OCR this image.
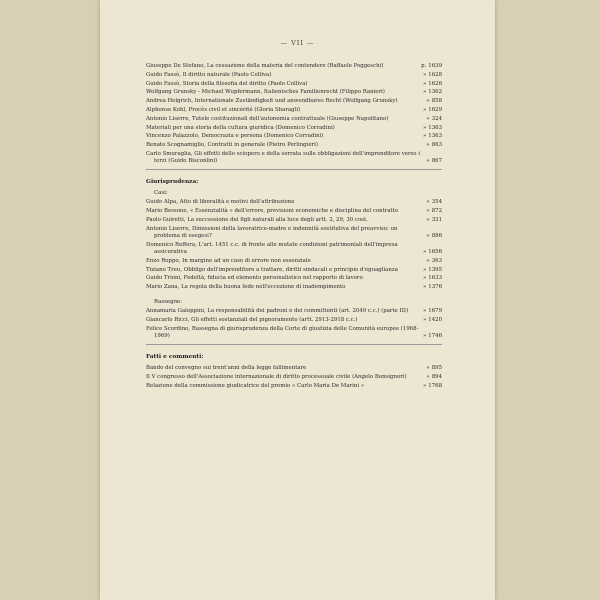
— VII —
Giuseppe De Stefano, La cessazione della materia del contendere (Raffaele Poggeschi)	p. 1639
Guido Fassò, Il diritto naturale (Paolo Colliva)	» 1628
Guido Fassò, Storia della filosofia del diritto (Paolo Colliva)	» 1626
Wolfgang Grunsky - Michael Wupfermann, Italienisches Familienrecht (Filippo Ranieri)	» 1362
Andrea Helgrich, Internationale Zuständigkeit und anwendbares Recht (Wolfgang Grunsky)	» 858
Alphonse Kohl, Procès civil et sincérité (Gloria Sbaragli)	» 1629
Antonio Liserre, Tutele costituzionali dell'autonomia contrattuale (Giuseppe Napolitano)	» 324
Materiali per una storia della cultura giuridica (Domenico Corradini)	» 1363
Vincenzo Palazzolo, Democrazia e persona (Domenico Corradini)	» 1363
Renato Scognamiglio, Contratti in generale (Pietro Perlingieri)	» 863
Carlo Smuraglia, Gli effetti dello sciopero e della serrata sulle obbligazioni dell'imprenditore verso i terzi (Guido Bisconlini)	» 867
Giurisprudenza:
Casi:
Guido Alpa, Atto di liberalità e motivi dell'attribuzione	» 354
Mario Bessone, « Essenzialità » dell'errore, previsioni economiche e disciplina del contratto	» 872
Paolo Guiretti, La successione dei figli naturali alla luce degli artt. 2, 29, 30 cost.	» 331
Antonio Liserre, Dimissioni della lavoratrice-madre e indennità sostitutiva del preavviso: un problema di esegesi?	» 886
Domenico Reffera, L'art. 1451 c.c. di fronte alle mutate condizioni patrimoniali dell'impresa assicurativa	» 1656
Enzo Roppo, In margine ad un caso di errore non essenziale	» 363
Tiziano Treu, Obbligo dell'imprenditore a trattare, diritti sindacali e principio d'eguaglianza	» 1395
Guido Trioni, Fedeltà, fiducia ed elemento personalistico nel rapporto di lavoro	» 1633
Mario Zana, La regola della buona fede nell'eccezione di inadempimento	» 1376
Rassegne:
Annamaria Galoppini, La responsabilità dei padroni e dei committenti (art. 2049 c.c.) (parte III)	» 1679
Giancarlo Ricci, Gli effetti sostanziali del pignoramento (artt. 2913-2918 c.c.)	» 1420
Felice Scordino, Rassegna di giurisprudenza della Corte di giustizia delle Comunità europee (1968-1969)	» 1746
Fatti e commenti:
Bando del convegno sui trent'anni della legge fallimentare	» 895
Il V congresso dell'Associazione internazionale di diritto processuale civile (Angelo Bonsignori)	» 894
Relazione della commissione giudicatrice del premio « Carlo Maria De Marini »	» 1768
